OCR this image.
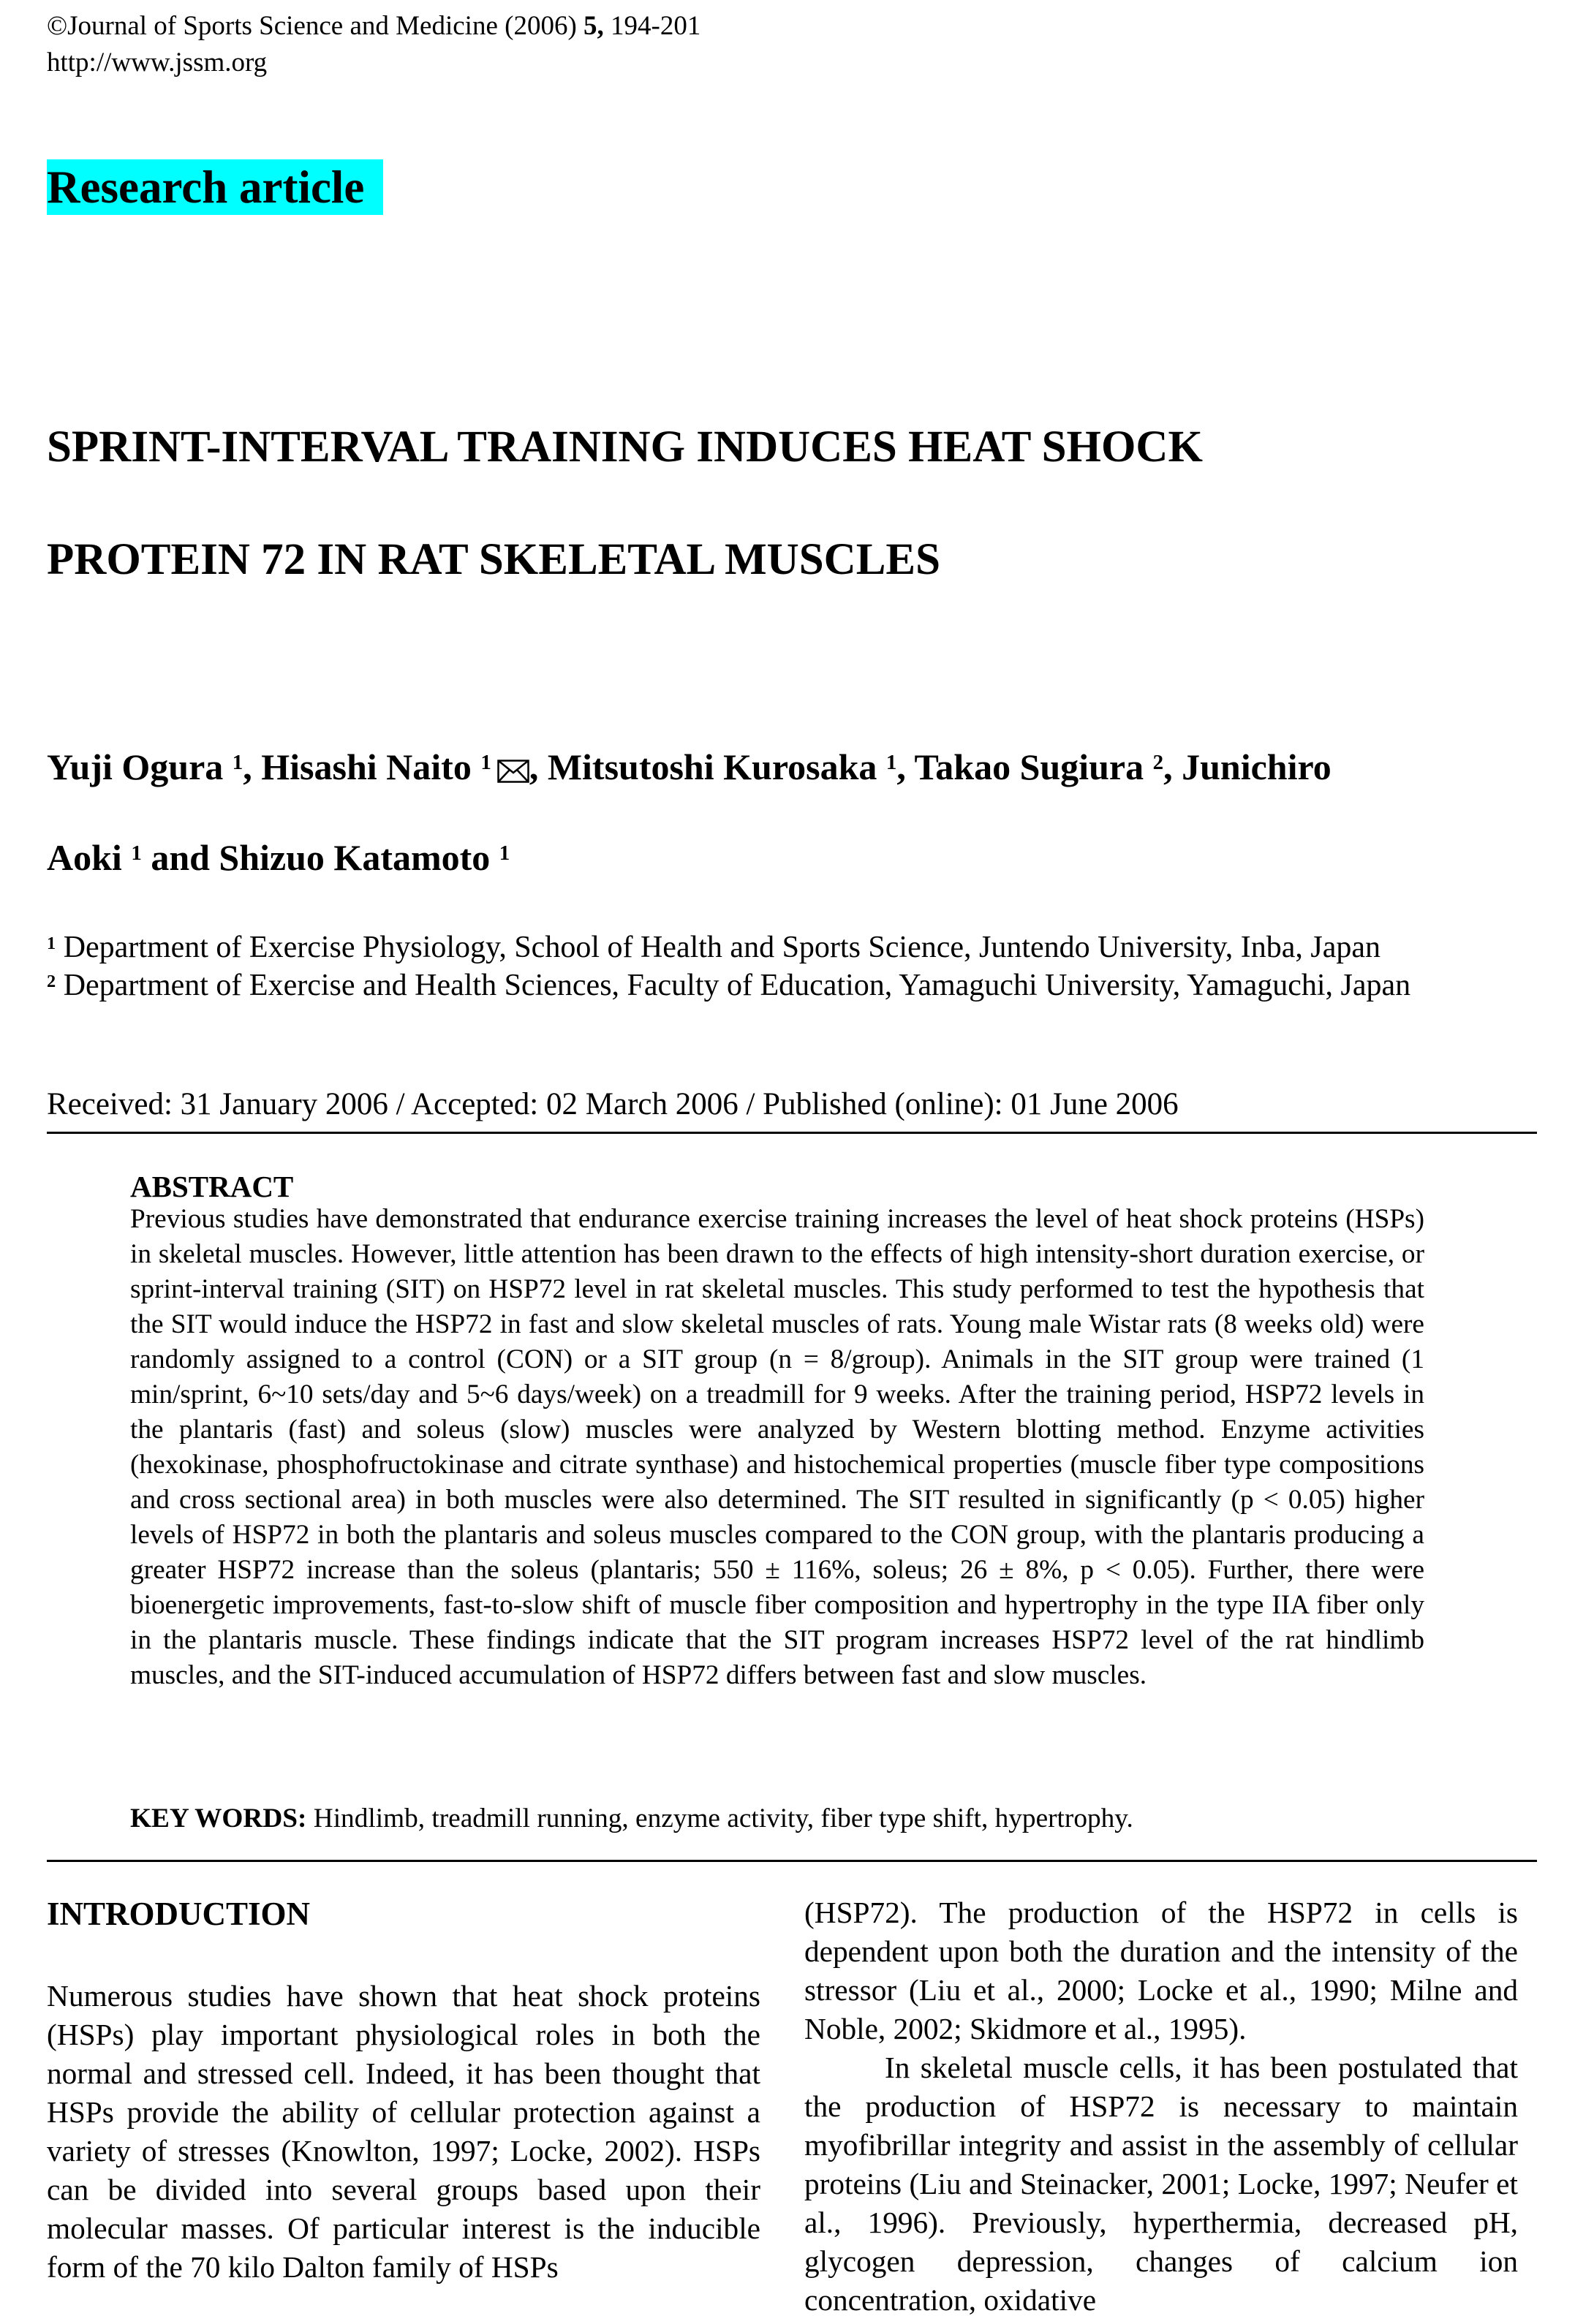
©Journal of Sports Science and Medicine (2006) 5, 194-201
http://www.jssm.org
Research article
SPRINT-INTERVAL TRAINING INDUCES HEAT SHOCK
PROTEIN 72 IN RAT SKELETAL MUSCLES
Yuji Ogura $^1$, Hisashi Naito $^1$ , Mitsutoshi Kurosaka $^1$, Takao Sugiura $^2$, Junichiro
Aoki $^1$ and Shizuo Katamoto $^1$
$^1$ Department of Exercise Physiology, School of Health and Sports Science, Juntendo University, Inba, Japan
$^2$ Department of Exercise and Health Sciences, Faculty of Education, Yamaguchi University, Yamaguchi, Japan
Received: 31 January 2006 / Accepted: 02 March 2006 / Published (online): 01 June 2006
ABSTRACT
Previous studies have demonstrated that endurance exercise training increases the level of heat shock proteins (HSPs) in skeletal muscles. However, little attention has been drawn to the effects of high intensity-short duration exercise, or sprint-interval training (SIT) on HSP72 level in rat skeletal muscles. This study performed to test the hypothesis that the SIT would induce the HSP72 in fast and slow skeletal muscles of rats. Young male Wistar rats (8 weeks old) were randomly assigned to a control (CON) or a SIT group (n = 8/group). Animals in the SIT group were trained (1 min/sprint, 6~10 sets/day and 5~6 days/week) on a treadmill for 9 weeks. After the training period, HSP72 levels in the plantaris (fast) and soleus (slow) muscles were analyzed by Western blotting method. Enzyme activities (hexokinase, phosphofructokinase and citrate synthase) and histochemical properties (muscle fiber type compositions and cross sectional area) in both muscles were also determined. The SIT resulted in significantly (p < 0.05) higher levels of HSP72 in both the plantaris and soleus muscles compared to the CON group, with the plantaris producing a greater HSP72 increase than the soleus (plantaris; 550 ± 116%, soleus; 26 ± 8%, p < 0.05). Further, there were bioenergetic improvements, fast-to-slow shift of muscle fiber composition and hypertrophy in the type IIA fiber only in the plantaris muscle. These findings indicate that the SIT program increases HSP72 level of the rat hindlimb muscles, and the SIT-induced accumulation of HSP72 differs between fast and slow muscles.
KEY WORDS: Hindlimb, treadmill running, enzyme activity, fiber type shift, hypertrophy.
INTRODUCTION

Numerous studies have shown that heat shock proteins (HSPs) play important physiological roles in both the normal and stressed cell. Indeed, it has been thought that HSPs provide the ability of cellular protection against a variety of stresses (Knowlton, 1997; Locke, 2002). HSPs can be divided into several groups based upon their molecular masses. Of particular interest is the inducible form of the 70 kilo Dalton family of HSPs

(HSP72). The production of the HSP72 in cells is dependent upon both the duration and the intensity of the stressor (Liu et al., 2000; Locke et al., 1990; Milne and Noble, 2002; Skidmore et al., 1995).

In skeletal muscle cells, it has been postulated that the production of HSP72 is necessary to maintain myofibrillar integrity and assist in the assembly of cellular proteins (Liu and Steinacker, 2001; Locke, 1997; Neufer et al., 1996). Previously, hyperthermia, decreased pH, glycogen depression, changes of calcium ion concentration, oxidative
